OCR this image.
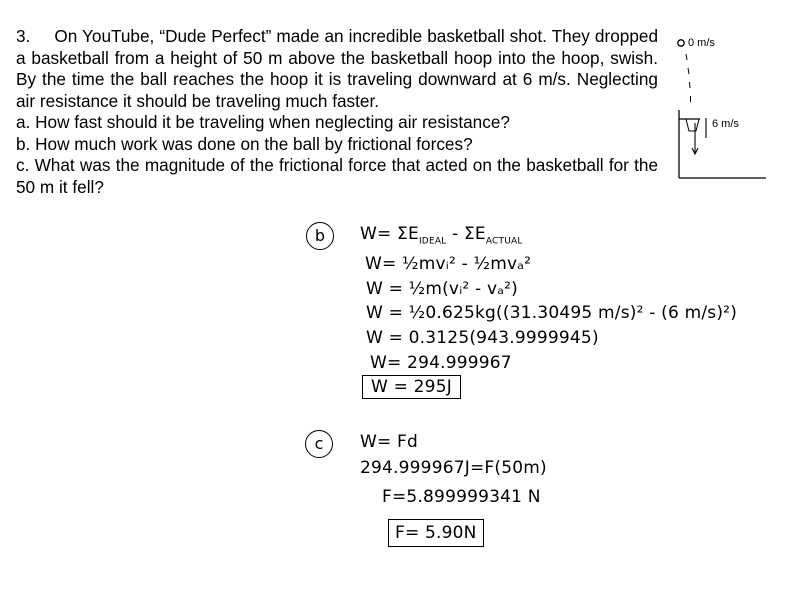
3. On YouTube, “Dude Perfect” made an incredible basketball shot. They dropped a basketball from a height of 50 m above the basketball hoop into the hoop, swish. By the time the ball reaches the hoop it is traveling downward at 6 m/s. Neglecting air resistance it should be traveling much faster.

a. How fast should it be traveling when neglecting air resistance?

b. How much work was done on the ball by frictional forces?

c. What was the magnitude of the frictional force that acted on the basketball for the 50 m it fell?

0 m/s
6 m/s
b	$W= \Sigma E_{IDEAL} - \Sigma E_{ACTUAL}$
W= ½mvᵢ² - ½mvₐ²
W = ½m(vᵢ² - vₐ²)
W = ½0.625kg((31.30495 m/s)² - (6 m/s)²)
W = 0.3125(943.9999945)
W= 294.999967
W = 295J
c	W= Fd
294.999967J=F(50m)
F=5.899999341 N
F= 5.90N
